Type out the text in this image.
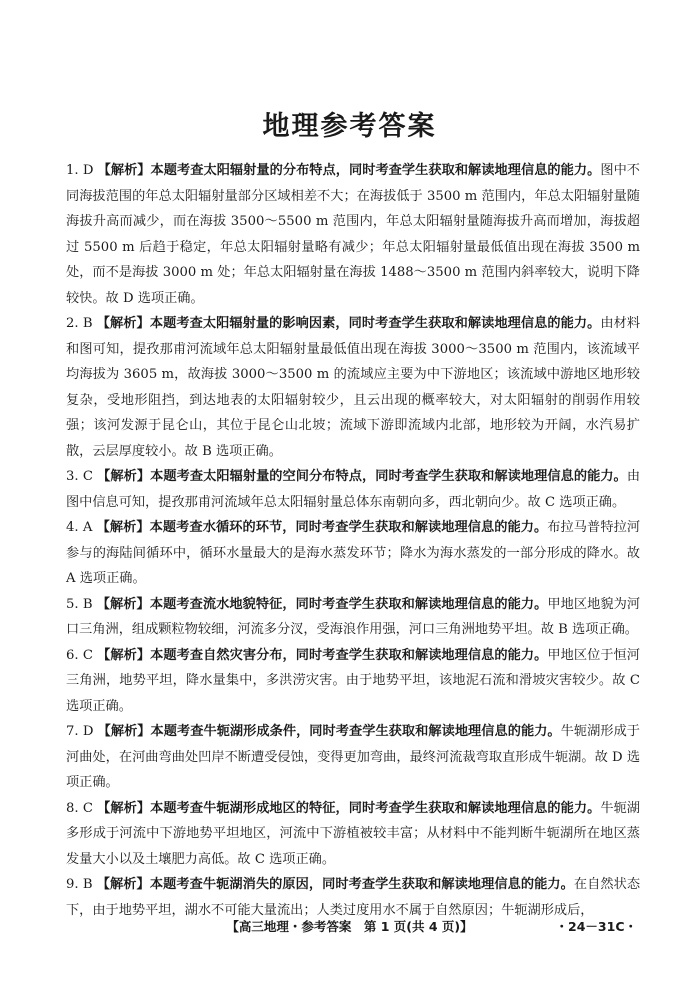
地理参考答案

1. D 【解析】本题考查太阳辐射量的分布特点，同时考查学生获取和解读地理信息的能力。图中不同海拔范围的年总太阳辐射量部分区域相差不大；在海拔低于 3500 m 范围内，年总太阳辐射量随海拔升高而减少，而在海拔 3500～5500 m 范围内，年总太阳辐射量随海拔升高而增加，海拔超过 5500 m 后趋于稳定，年总太阳辐射量略有减少；年总太阳辐射量最低值出现在海拔 3500 m 处，而不是海拔 3000 m 处；年总太阳辐射量在海拔 1488～3500 m 范围内斜率较大，说明下降较快。故 D 选项正确。

2. B 【解析】本题考查太阳辐射量的影响因素，同时考查学生获取和解读地理信息的能力。由材料和图可知，提孜那甫河流域年总太阳辐射量最低值出现在海拔 3000～3500 m 范围内，该流域平均海拔为 3605 m，故海拔 3000～3500 m 的流域应主要为中下游地区；该流域中游地区地形较复杂，受地形阻挡，到达地表的太阳辐射较少，且云出现的概率较大，对太阳辐射的削弱作用较强；该河发源于昆仑山，其位于昆仑山北坡；流域下游即流域内北部，地形较为开阔，水汽易扩散，云层厚度较小。故 B 选项正确。

3. C 【解析】本题考查太阳辐射量的空间分布特点，同时考查学生获取和解读地理信息的能力。由图中信息可知，提孜那甫河流域年总太阳辐射量总体东南朝向多，西北朝向少。故 C 选项正确。

4. A 【解析】本题考查水循环的环节，同时考查学生获取和解读地理信息的能力。布拉马普特拉河参与的海陆间循环中，循环水量最大的是海水蒸发环节；降水为海水蒸发的一部分形成的降水。故 A 选项正确。

5. B 【解析】本题考查流水地貌特征，同时考查学生获取和解读地理信息的能力。甲地区地貌为河口三角洲，组成颗粒物较细，河流多分汊，受海浪作用强，河口三角洲地势平坦。故 B 选项正确。

6. C 【解析】本题考查自然灾害分布，同时考查学生获取和解读地理信息的能力。甲地区位于恒河三角洲，地势平坦，降水量集中，多洪涝灾害。由于地势平坦，该地泥石流和滑坡灾害较少。故 C 选项正确。

7. D 【解析】本题考查牛轭湖形成条件，同时考查学生获取和解读地理信息的能力。牛轭湖形成于河曲处，在河曲弯曲处凹岸不断遭受侵蚀，变得更加弯曲，最终河流裁弯取直形成牛轭湖。故 D 选项正确。

8. C 【解析】本题考查牛轭湖形成地区的特征，同时考查学生获取和解读地理信息的能力。牛轭湖多形成于河流中下游地势平坦地区，河流中下游植被较丰富；从材料中不能判断牛轭湖所在地区蒸发量大小以及土壤肥力高低。故 C 选项正确。

9. B 【解析】本题考查牛轭湖消失的原因，同时考查学生获取和解读地理信息的能力。在自然状态下，由于地势平坦，湖水不可能大量流出；人类过度用水不属于自然原因；牛轭湖形成后，

【高三地理・参考答案　第 1 页(共 4 页)】	・24－31C・
